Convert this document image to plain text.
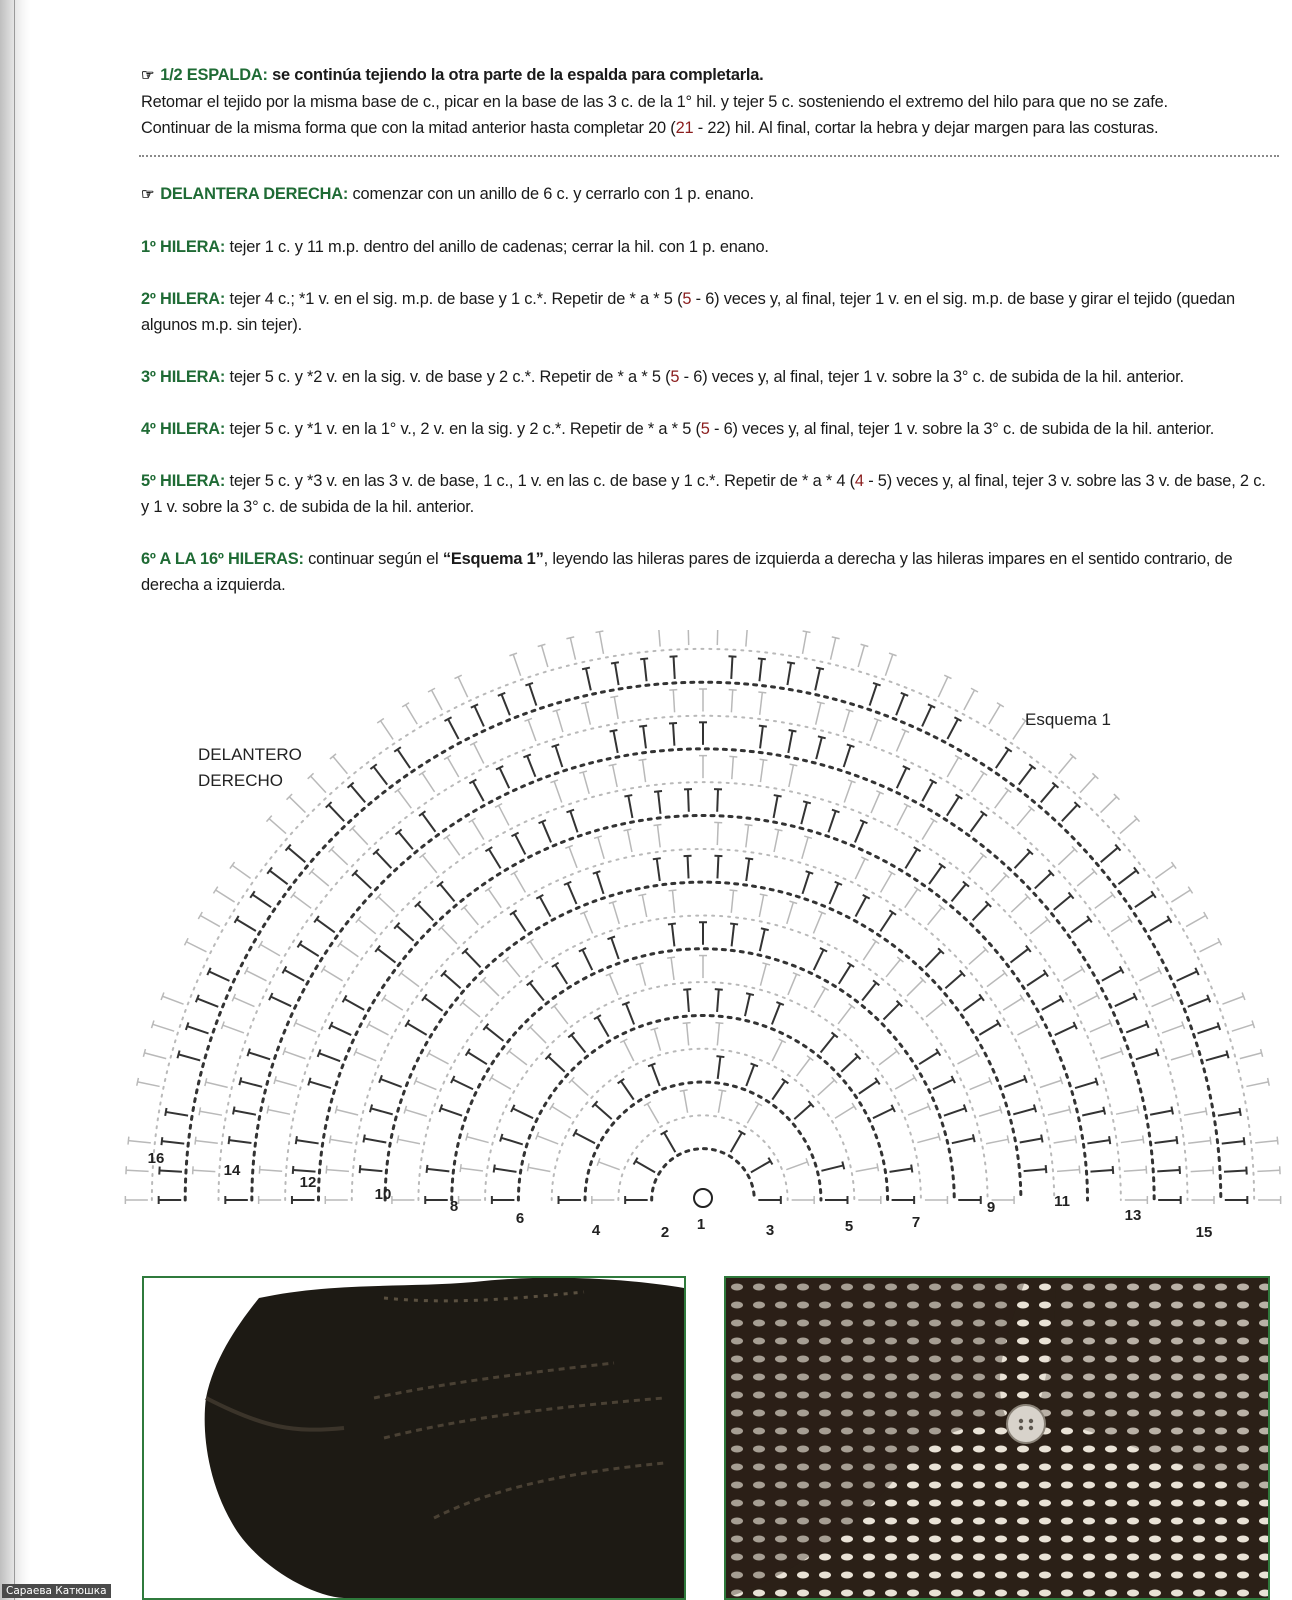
☞ 1/2 ESPALDA: se continúa tejiendo la otra parte de la espalda para completarla.
Retomar el tejido por la misma base de c., picar en la base de las 3 c. de la 1° hil. y tejer 5 c. sosteniendo el extremo del hilo para que no se zafe.
Continuar de la misma forma que con la mitad anterior hasta completar 20 (21 - 22) hil. Al final, cortar la hebra y dejar margen para las costuras.

☞ DELANTERA DERECHA: comenzar con un anillo de 6 c. y cerrarlo con 1 p. enano.

1º HILERA: tejer 1 c. y 11 m.p. dentro del anillo de cadenas; cerrar la hil. con 1 p. enano.

2º HILERA: tejer 4 c.; *1 v. en el sig. m.p. de base y 1 c.*. Repetir de * a * 5 (5 - 6) veces y, al final, tejer 1 v. en el sig. m.p. de base y girar el tejido (quedan algunos m.p. sin tejer).

3º HILERA: tejer 5 c. y *2 v. en la sig. v. de base y 2 c.*. Repetir de * a * 5 (5 - 6) veces y, al final, tejer 1 v. sobre la 3° c. de subida de la hil. anterior.

4º HILERA: tejer 5 c. y *1 v. en la 1° v., 2 v. en la sig. y 2 c.*. Repetir de * a * 5 (5 - 6) veces y, al final, tejer 1 v. sobre la 3° c. de subida de la hil. anterior.

5º HILERA: tejer 5 c. y *3 v. en las 3 v. de base, 1 c., 1 v. en las c. de base y 1 c.*. Repetir de * a * 4 (4 - 5) veces y, al final, tejer 3 v. sobre las 3 v. de base, 2 c. y 1 v. sobre la 3° c. de subida de la hil. anterior.

6º A LA 16º HILERAS: continuar según el “Esquema 1”, leyendo las hileras pares de izquierda a derecha y las hileras impares en el sentido contrario, de derecha a izquierda.

Esquema 1
DELANTERO
DERECHO
16
14
12
10
8
6
4	2 1	3	5	7
9	11
13
15
Сараева Катюшка
